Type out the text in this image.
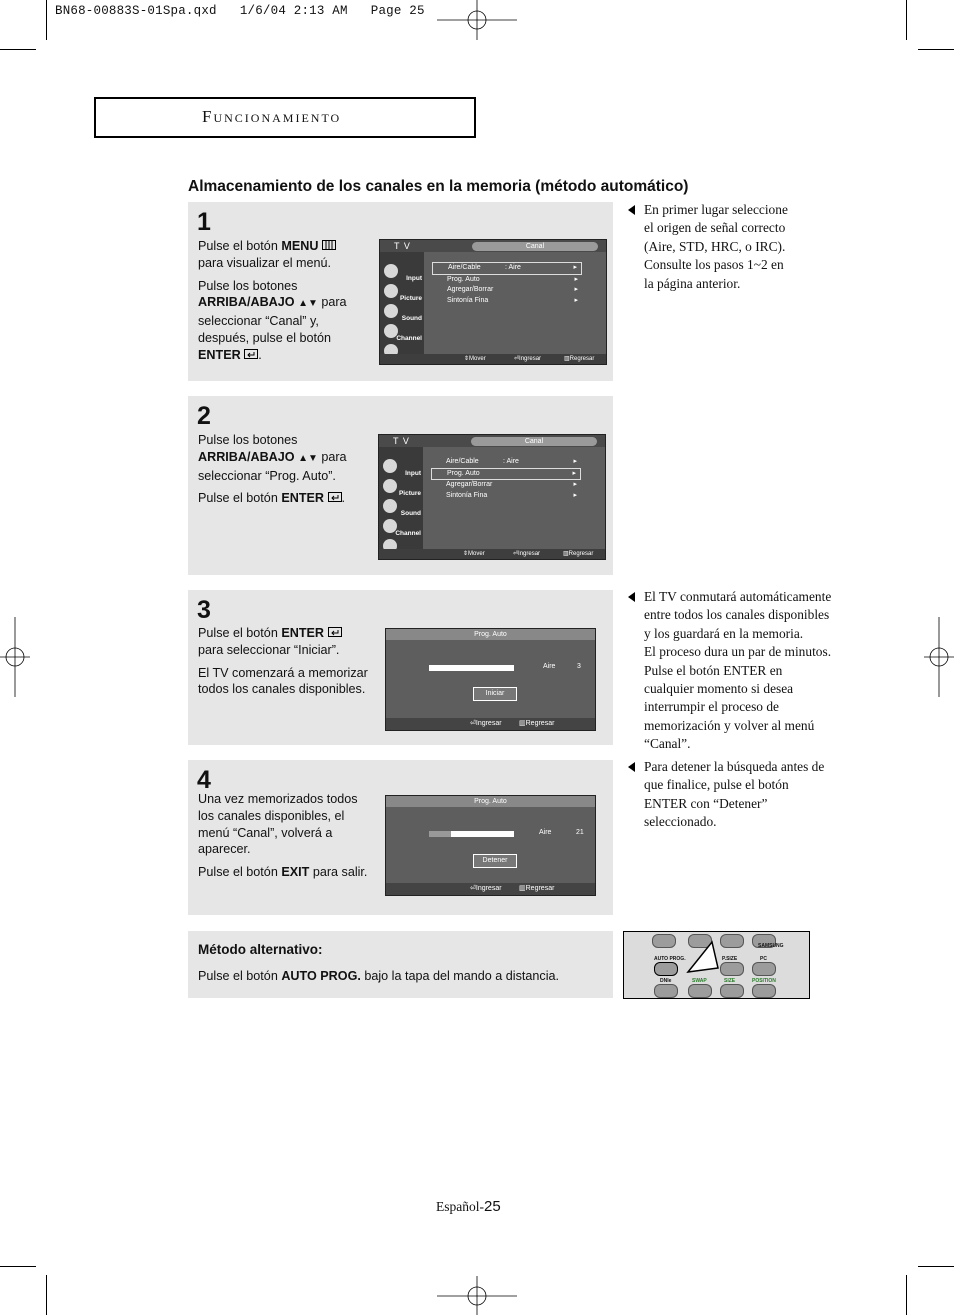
BN68-00883S-01Spa.qxd   1/6/04 2:13 AM   Page 25
Funcionamiento
Almacenamiento de los canales en la memoria (método automático)
1

Pulse el botón MENU
para visualizar el menú.

Pulse los botones
ARRIBA/ABAJO ▲▼ para
seleccionar “Canal” y,
después, pulse el botón
ENTER .

2

Pulse los botones
ARRIBA/ABAJO ▲▼ para
seleccionar “Prog. Auto”.

Pulse el botón ENTER .

3

Pulse el botón ENTER
para seleccionar “Iniciar”.

El TV comenzará a memorizar
todos los canales disponibles.

4

Una vez memorizados todos
los canales disponibles, el
menú “Canal”, volverá a
aparecer.

Pulse el botón EXIT para salir.

T V	Canal
Input
Picture
Sound
Channel
Aire/Cable	: Aire	▸
Prog. Auto	▸
Agregar/Borrar	▸
Sintonía Fina	▸
⇕ Mover	⏎ Ingresar	▥ Regresar
T V	Canal
Input
Picture
Sound
Channel
Aire/Cable	: Aire	▸
Prog. Auto	▸
Agregar/Borrar	▸
Sintonía Fina	▸
⇕ Mover	⏎ Ingresar	▥ Regresar
Prog. Auto
Aire	3
Iniciar
⏎ Ingresar ▥ Regresar
Prog. Auto
Aire	21
Detener
⏎ Ingresar ▥ Regresar
En primer lugar seleccione
el origen de señal correcto
(Aire, STD, HRC, o IRC).
Consulte los pasos 1~2 en
la página anterior.
El TV conmutará automáticamente
entre todos los canales disponibles
y los guardará en la memoria.
El proceso dura un par de minutos.
Pulse el botón ENTER en
cualquier momento si desea
interrumpir el proceso de
memorización y volver al menú
“Canal”.
Para detener la búsqueda antes de
que finalice, pulse el botón
ENTER con “Detener”
seleccionado.
Método alternativo:
Pulse el botón AUTO PROG. bajo la tapa del mando a distancia.
SAMSUNG
AUTO PROG.	P.SIZE	PC
DNIe	SWAP	SIZE	POSITION
Español-25
